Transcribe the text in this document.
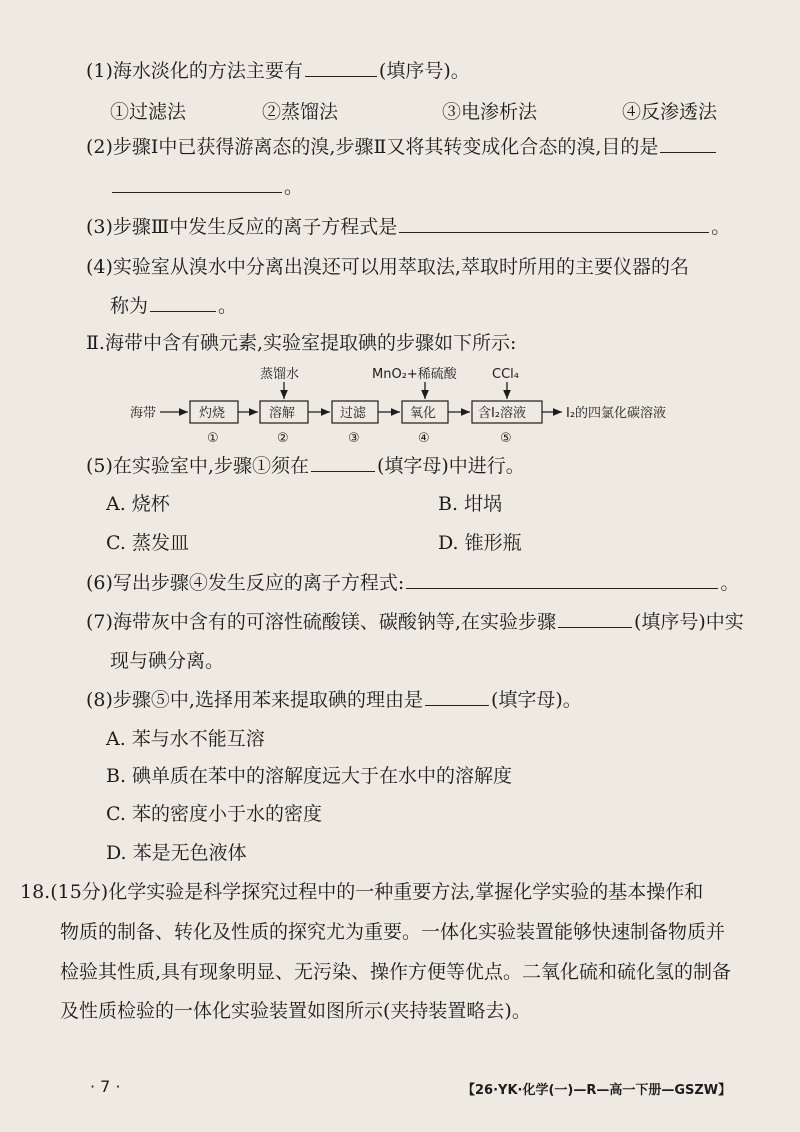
(1)海水淡化的方法主要有	(填序号)。
①过滤法	②蒸馏法	③电渗析法	④反渗透法
(2)步骤Ⅰ中已获得游离态的溴,步骤Ⅱ又将其转变成化合态的溴,目的是
。
(3)步骤Ⅲ中发生反应的离子方程式是	。
(4)实验室从溴水中分离出溴还可以用萃取法,萃取时所用的主要仪器的名
称为	。
Ⅱ.海带中含有碘元素,实验室提取碘的步骤如下所示:
海带	灼烧	溶解	过滤	氧化	含I₂溶液	I₂的四氯化碳溶液
蒸馏水	MnO₂+稀硫酸	CCl₄
①	②	③	④	⑤
(5)在实验室中,步骤①须在	(填字母)中进行。
A. 烧杯	B. 坩埚
C. 蒸发皿	D. 锥形瓶
(6)写出步骤④发生反应的离子方程式:	。
(7)海带灰中含有的可溶性硫酸镁、碳酸钠等,在实验步骤	(填序号)中实
现与碘分离。
(8)步骤⑤中,选择用苯来提取碘的理由是	(填字母)。
A. 苯与水不能互溶
B. 碘单质在苯中的溶解度远大于在水中的溶解度
C. 苯的密度小于水的密度
D. 苯是无色液体
18.(15分)化学实验是科学探究过程中的一种重要方法,掌握化学实验的基本操作和
物质的制备、转化及性质的探究尤为重要。一体化实验装置能够快速制备物质并
检验其性质,具有现象明显、无污染、操作方便等优点。二氧化硫和硫化氢的制备
及性质检验的一体化实验装置如图所示(夹持装置略去)。
· 7 ·	【26·YK·化学(一)—R—高一下册—GSZW】
